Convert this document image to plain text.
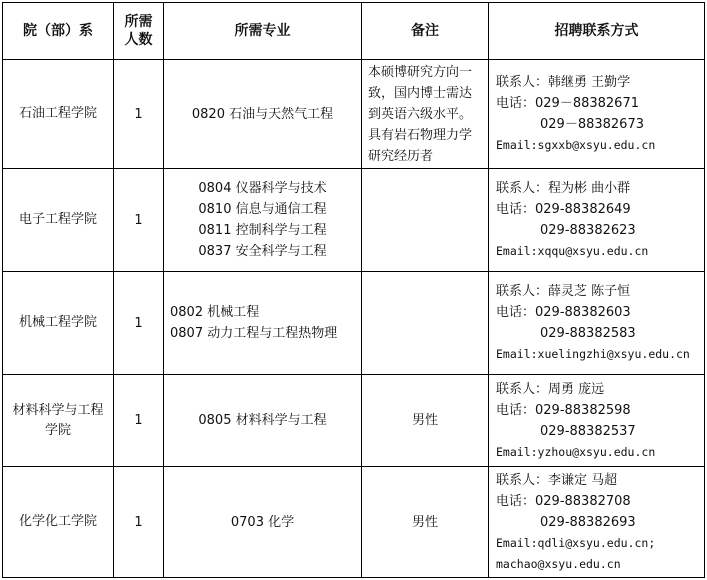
院（部）系	所需人数	所需专业	备注	招聘联系方式

石油工程学院	1	0820 石油与天然气工程	本硕博研究方向一致，国内博士需达到英语六级水平。具有岩石物理力学研究经历者	联系人：韩继勇 王勤学
电话：029－88382671
029－88382673
Email:sgxxb@xsyu.edu.cn

电子工程学院	1	0804 仪器科学与技术
0810 信息与通信工程
0811 控制科学与工程
0837 安全科学与工程		联系人：程为彬 曲小群
电话：029-88382649
029-88382623
Email:xqqu@xsyu.edu.cn

机械工程学院	1	0802 机械工程
0807 动力工程与工程热物理		联系人：薛灵芝 陈子恒
电话：029-88382603
029-88382583
Email:xuelingzhi@xsyu.edu.cn

材料科学与工程学院	1	0805 材料科学与工程	男性	联系人：周勇 庞远
电话：029-88382598
029-88382537
Email:yzhou@xsyu.edu.cn

化学化工学院	1	0703 化学	男性	联系人：李谦定 马超
电话：029-88382708
029-88382693
Email:qdli@xsyu.edu.cn;
machao@xsyu.edu.cn
